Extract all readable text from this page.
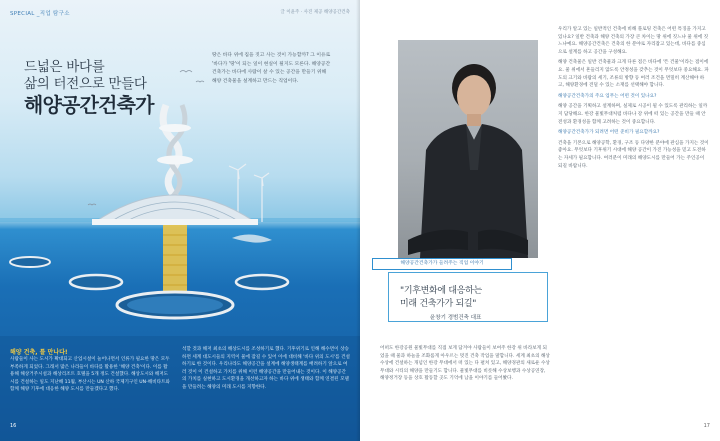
SPECIAL _직업 탐구소	글 이윤주 · 사진 제공 해양공간건축
드넓은 바다를
삶의 터전으로 만들다
해양공간건축가
땅은 바다 위에 집을 짓고 사는 것이 가능할까? 그 이유로 '바다가 '땅'이 되는 일이 현실이 될지도 모른다. 해양공간건축가는 바다에 사람이 살 수 있는 공간을 만들기 위해 해양 건축물을 설계하고 만드는 직업이다.
해양 건축, 틀 만나다!
사람들이 사는 도시가 확대되고 산업시설이 늘어나면서 인류가 필요한 땅은 모두 부족하게 되었다. 그래서 많은 나라들이 바다를 활용한 '해양 건축'이다. 이를 활용해 해상거주시설과 해상리조트 호텔을 5개 정도 건설했다. 해상도시와 해저도시를 건설하는 일도 지난해 11월, 부산시는 UN 산하 국제기구인 UN-해비타트와 함께 해양 기후에 대응한 해양 도시를 만들겠다고 했다.
석할 것과 해저 최초의 해상도시를 조성하기로 했다. 기후위기로 인해 해수면이 상승하면 세계 대도시들의 지역이 물에 잠길 수 있어 이에 대비해 '바다 위의 도시'를 건설하기로 한 것이다. 우리나라도 해양공간을 설계에 해양생태계를 배려하기 앞으로 여러 것이 이 건설하고 가치를 위해 이런 해양공간을 만들어내는 것이다. 이 해양공간의 가치를 실현하고 도시환경을 개선하고자 하는 바다 위에 생태와 함께 연결된 모델을 만들려는 해양의 미래 도시를 지향한다.
16
해양공간건축가가 들려주는 직업 이야기
"기후변화에 대응하는
미래 건축가가 되길"
윤창기 경범건축 대표
어떠도 한강공원 물빛무대를 직접 보게 담겨야 사람들이 보여주 한강 위 바라보게 되었을 때 물과 하늘을 조화롭게 아우르는 멋진 건축 작업을 말합니다. 세계 최초의 해상 수상에 건설하는 개념인 한강 무대에서 떠 있는 다 펼쳐 있고, 해양경관의 새로운 수상무대와 시티의 해양을 만들기도 합니다. 물빛무대를 비롯해 수상보행과 수상공연장, 해양정거장 등을 상호 활동할 곳도 기억에 남을 이야기를 들어봤다.

우리가 알고 있는 일반적인 건축에 비해 플로팅 건축은 어떤 특징을 가지고 있나요? 일반 건축과 해양 건축의 가장 큰 차이는 땅 위에 짓느냐 물 위에 짓느냐예요. 해양공간건축은 건축의 한 분야로 자리잡고 있는데, 바다를 중심으로 설계를 하고 공간을 구성해요.

해양 건축물은 일반 건축물과 크게 다른 점은 바다에 '뜬 건물'이라는 점이에요. 물 위에서 흔들리지 않도록 안정성을 갖추는 것이 무엇보다 중요해요. 파도의 크기와 바람의 세기, 조류의 방향 등 여러 조건을 면밀히 계산해야 하고, 해양환경에 견딜 수 있는 소재를 선택해야 합니다.

해양공간건축가의 주요 업무는 어떤 것이 있나요?

해양 공간을 기획하고 설계하며, 실제로 시공이 될 수 있도록 관리하는 일까지 담당해요. 한강 물빛무대처럼 바다나 강 위에 떠 있는 공간을 만들 때 안전성과 환경성을 함께 고려하는 것이 중요합니다.

해양공간건축가가 되려면 어떤 준비가 필요할까요?

건축을 기본으로 해양공학, 환경, 구조 등 다양한 분야에 관심을 가지는 것이 좋아요. 무엇보다 기후위기 시대에 해양 공간이 가진 가능성을 믿고 도전하는 자세가 필요합니다. 여러분이 미래의 해양도시를 만들어 가는 주인공이 되길 바랍니다.

17
